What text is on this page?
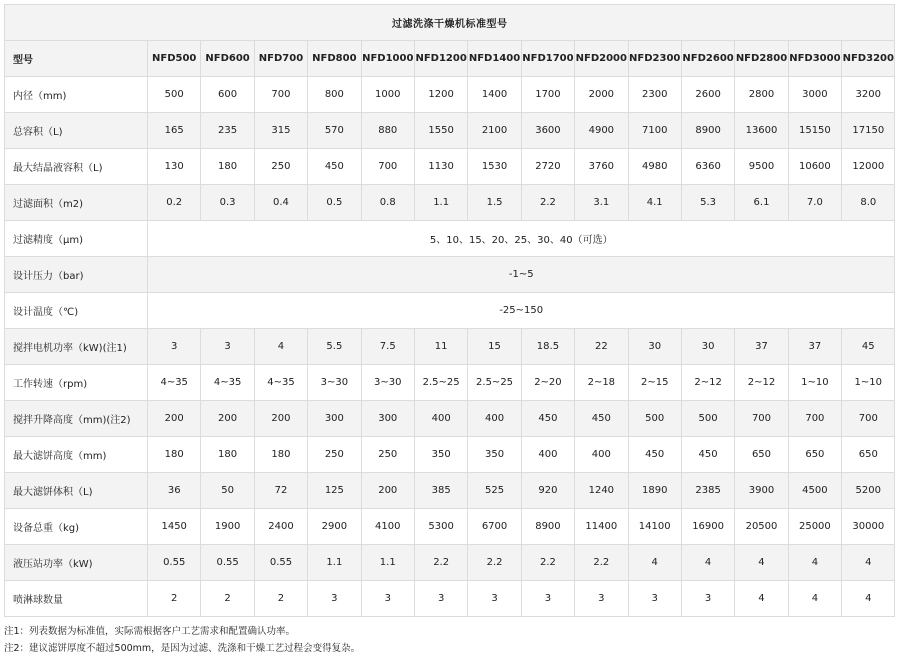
过滤洗涤干燥机标准型号														
型号	NFD500	NFD600	NFD700	NFD800	NFD1000	NFD1200	NFD1400	NFD1700	NFD2000	NFD2300	NFD2600	NFD2800	NFD3000	NFD3200
内径（mm)	500	600	700	800	1000	1200	1400	1700	2000	2300	2600	2800	3000	3200
总容积（L)	165	235	315	570	880	1550	2100	3600	4900	7100	8900	13600	15150	17150
最大结晶液容积（L)	130	180	250	450	700	1130	1530	2720	3760	4980	6360	9500	10600	12000
过滤面积（m2)	0.2	0.3	0.4	0.5	0.8	1.1	1.5	2.2	3.1	4.1	5.3	6.1	7.0	8.0
过滤精度（μm)	5、10、15、20、25、30、40（可选）													
设计压力（bar)	-1~5													
设计温度（℃)	-25~150													
搅拌电机功率（kW)(注1)	3	3	4	5.5	7.5	11	15	18.5	22	30	30	37	37	45
工作转速（rpm)	4~35	4~35	4~35	3~30	3~30	2.5~25	2.5~25	2~20	2~18	2~15	2~12	2~12	1~10	1~10
搅拌升降高度（mm)(注2)	200	200	200	300	300	400	400	450	450	500	500	700	700	700
最大滤饼高度（mm)	180	180	180	250	250	350	350	400	400	450	450	650	650	650
最大滤饼体积（L)	36	50	72	125	200	385	525	920	1240	1890	2385	3900	4500	5200
设备总重（kg)	1450	1900	2400	2900	4100	5300	6700	8900	11400	14100	16900	20500	25000	30000
液压站功率（kW)	0.55	0.55	0.55	1.1	1.1	2.2	2.2	2.2	2.2	4	4	4	4	4
喷淋球数量	2	2	2	3	3	3	3	3	3	3	3	4	4	4
注1：列表数据为标准值，实际需根据客户工艺需求和配置确认功率。
注2：建议滤饼厚度不超过500mm，是因为过滤、洗涤和干燥工艺过程会变得复杂。
